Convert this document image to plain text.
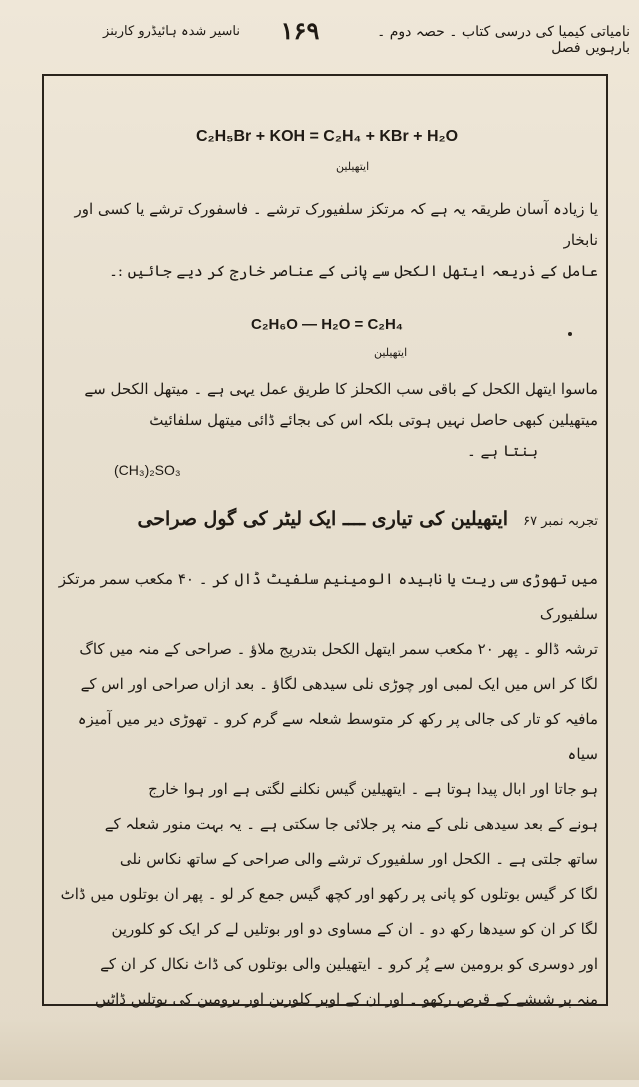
نامیاتی کیمیا کی درسی کتاب ۔ حصہ دوم ۔ بارہویں فصل
۱۶۹
ناسیر شدہ ہائیڈرو کاربنز
C₂H₅Br + KOH = C₂H₄ + KBr + H₂O
ایتھیلین

یا زیادہ آسان طریقہ یہ ہے کہ مرتکز سلفیورک ترشے ۔ فاسفورک ترشے یا کسی اور نابخار

عامل کے ذریعہ ایتھل الکحل سے پانی کے عناصر خارج کر دیے جائیں :۔

C₂H₆O — H₂O = C₂H₄
ایتھیلین

ماسوا ایتھل الکحل کے باقی سب الکحلز کا طریق عمل یہی ہے ۔ میتھل الکحل سے

میتھیلین کبھی حاصل نہیں ہوتی بلکہ اس کی بجائے ڈائی میتھل سلفائیٹ

بنتا ہے ۔

(CH₃)₂SO₃
تجربہ نمبر ۶۷ ایتھیلین کی تیاری ــــ ایک لیٹر کی گول صراحی

میں تھوڑی سی ریت یا نابیدہ الومینیم سلفیٹ ڈال کر ۔ ۴۰ مکعب سمر مرتکز سلفیورک

ترشہ ڈالو ۔ پھر ۲۰ مکعب سمر ایتھل الکحل بتدریج ملاؤ ۔ صراحی کے منہ میں کاگ

لگا کر اس میں ایک لمبی اور چوڑی نلی سیدھی لگاؤ ۔ بعد ازاں صراحی اور اس کے

مافیہ کو تار کی جالی پر رکھ کر متوسط شعلہ سے گرم کرو ۔ تھوڑی دیر میں آمیزہ سیاہ

ہو جاتا اور ابال پیدا ہوتا ہے ۔ ایتھیلین گیس نکلنے لگتی ہے اور ہوا خارج

ہونے کے بعد سیدھی نلی کے منہ پر جلائی جا سکتی ہے ۔ یہ بہت منور شعلہ کے

ساتھ جلتی ہے ۔ الکحل اور سلفیورک ترشے والی صراحی کے ساتھ نکاس نلی

لگا کر گیس بوتلوں کو پانی پر رکھو اور کچھ گیس جمع کر لو ۔ پھر ان بوتلوں میں ڈاٹ

لگا کر ان کو سیدھا رکھ دو ۔ ان کے مساوی دو اور بوتلیں لے کر ایک کو کلورین

اور دوسری کو برومین سے پُر کرو ۔ ایتھیلین والی بوتلوں کی ڈاٹ نکال کر ان کے

منہ پر شیشے کے قرص رکھو ۔ اور ان کے اوپر کلورین اور برومین کی بوتلیں ڈاٹیں
